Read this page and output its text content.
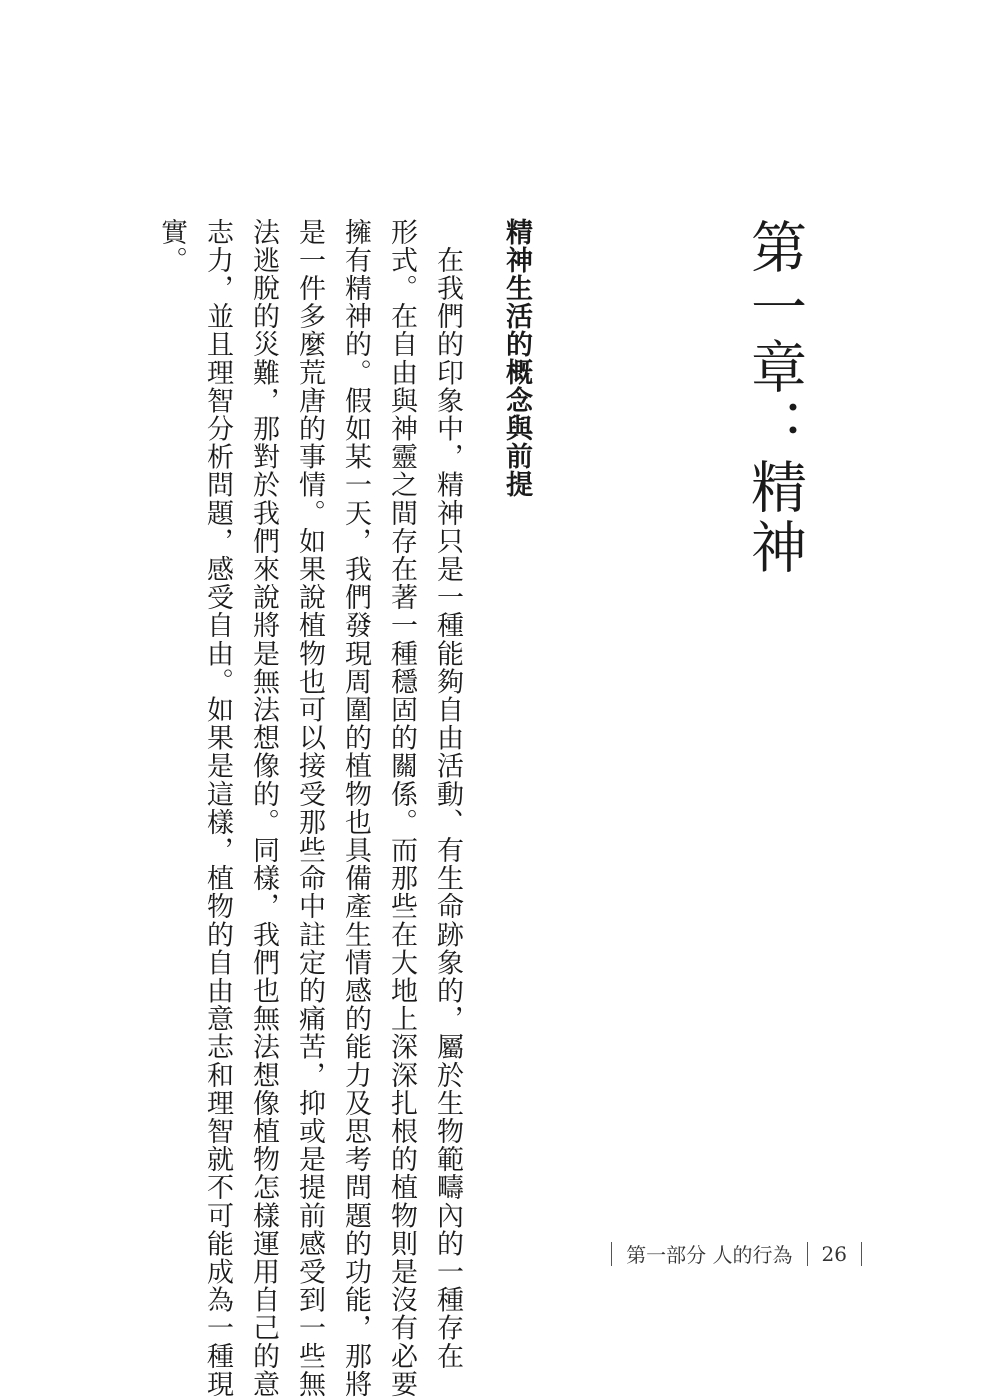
第一章：精神
精神生活的概念與前提
　在我們的印象中，精神只是一種能夠自由活動、有生命跡象的，屬於生物範疇內的一種存在
形式。在自由與神靈之間存在著一種穩固的關係。而那些在大地上深深扎根的植物則是沒有必要
擁有精神的。假如某一天，我們發現周圍的植物也具備產生情感的能力及思考問題的功能，那將
是一件多麼荒唐的事情。如果說植物也可以接受那些命中註定的痛苦，抑或是提前感受到一些無
法逃脫的災難，那對於我們來說將是無法想像的。同樣，我們也無法想像植物怎樣運用自己的意
志力，並且理智分析問題，感受自由。如果是這樣，植物的自由意志和理智就不可能成為一種現
實。
第一部分 人的行為 26
